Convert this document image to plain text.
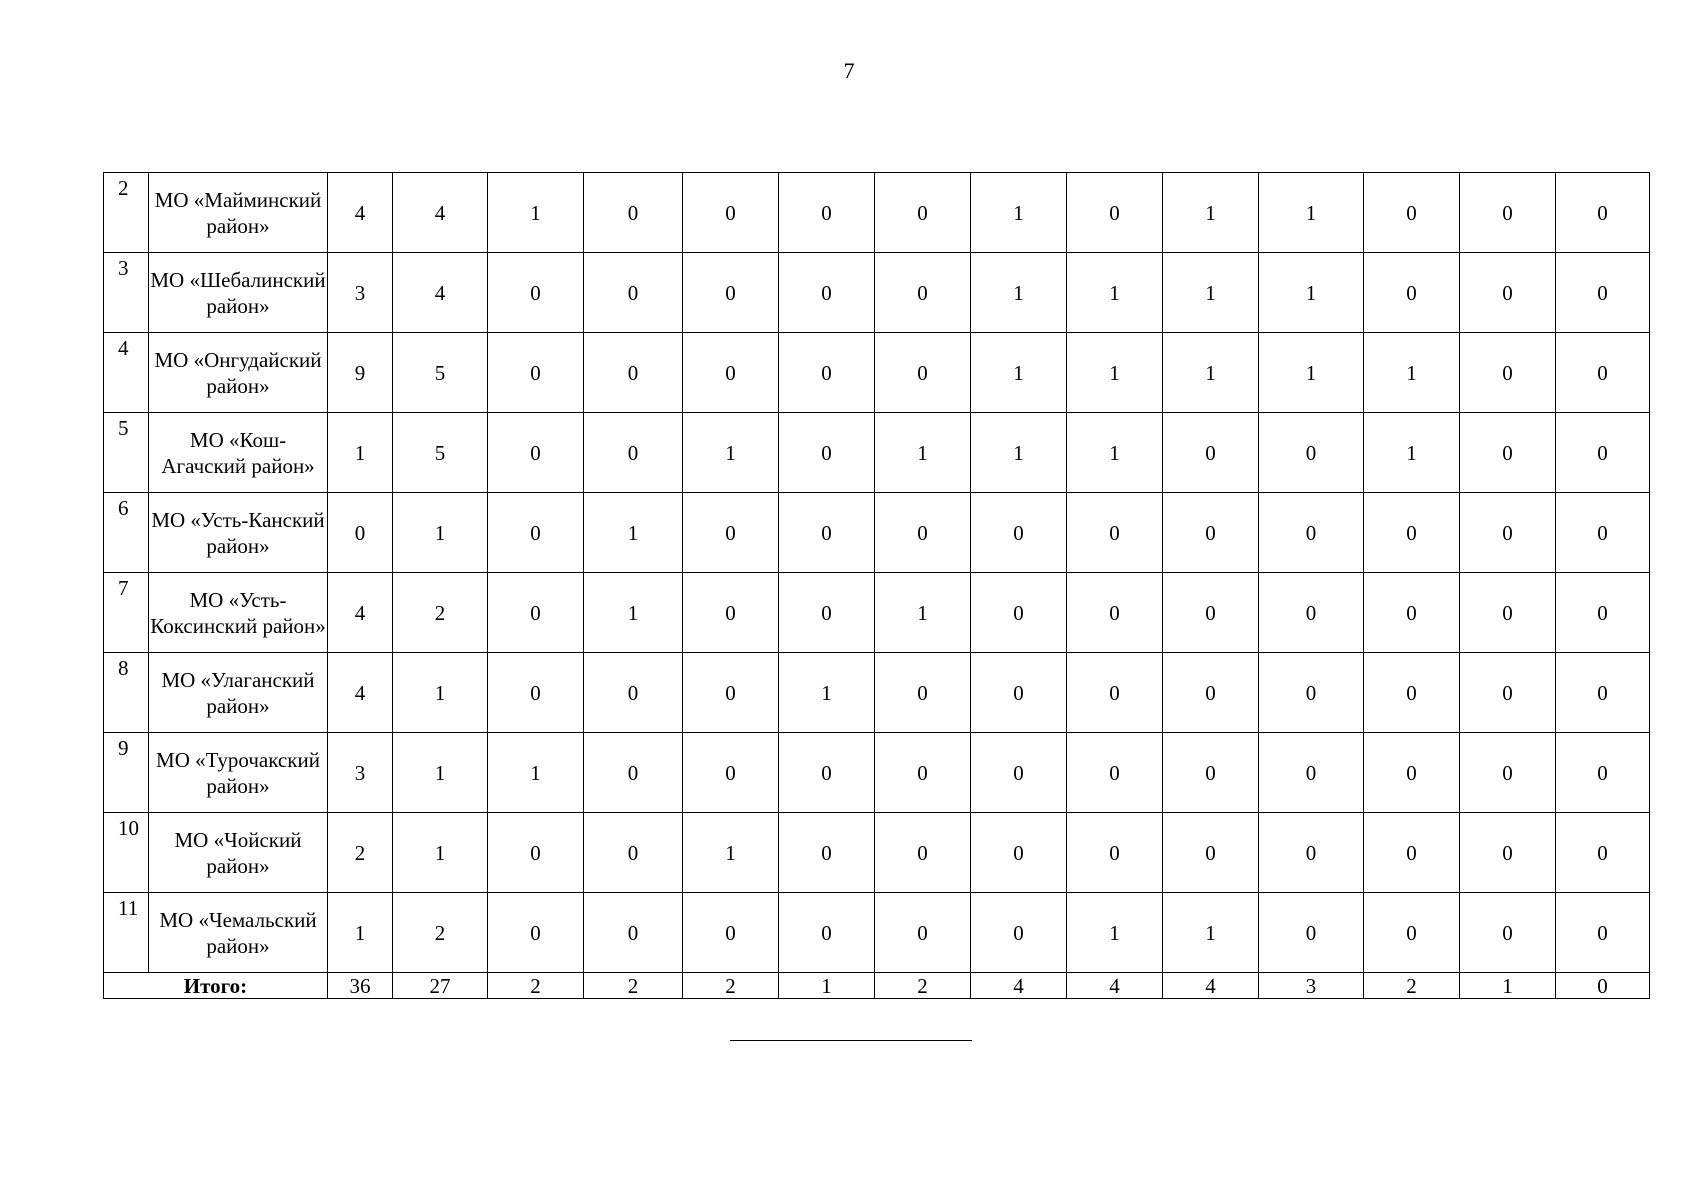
7
2	МО «Майминский район»	4	4	1	0	0	0	0	1	0	1	1	0	0	0
3	МО «Шебалинский район»	3	4	0	0	0	0	0	1	1	1	1	0	0	0
4	МО «Онгудайский район»	9	5	0	0	0	0	0	1	1	1	1	1	0	0
5	МО «Кош-Агачский район»	1	5	0	0	1	0	1	1	1	0	0	1	0	0
6	МО «Усть-Канский район»	0	1	0	1	0	0	0	0	0	0	0	0	0	0
7	МО «Усть-Коксинский район»	4	2	0	1	0	0	1	0	0	0	0	0	0	0
8	МО «Улаганский район»	4	1	0	0	0	1	0	0	0	0	0	0	0	0
9	МО «Турочакский район»	3	1	1	0	0	0	0	0	0	0	0	0	0	0
10	МО «Чойский район»	2	1	0	0	1	0	0	0	0	0	0	0	0	0
11	МО «Чемальский район»	1	2	0	0	0	0	0	0	1	1	0	0	0	0
Итого:		36	27	2	2	2	1	2	4	4	4	3	2	1	0
